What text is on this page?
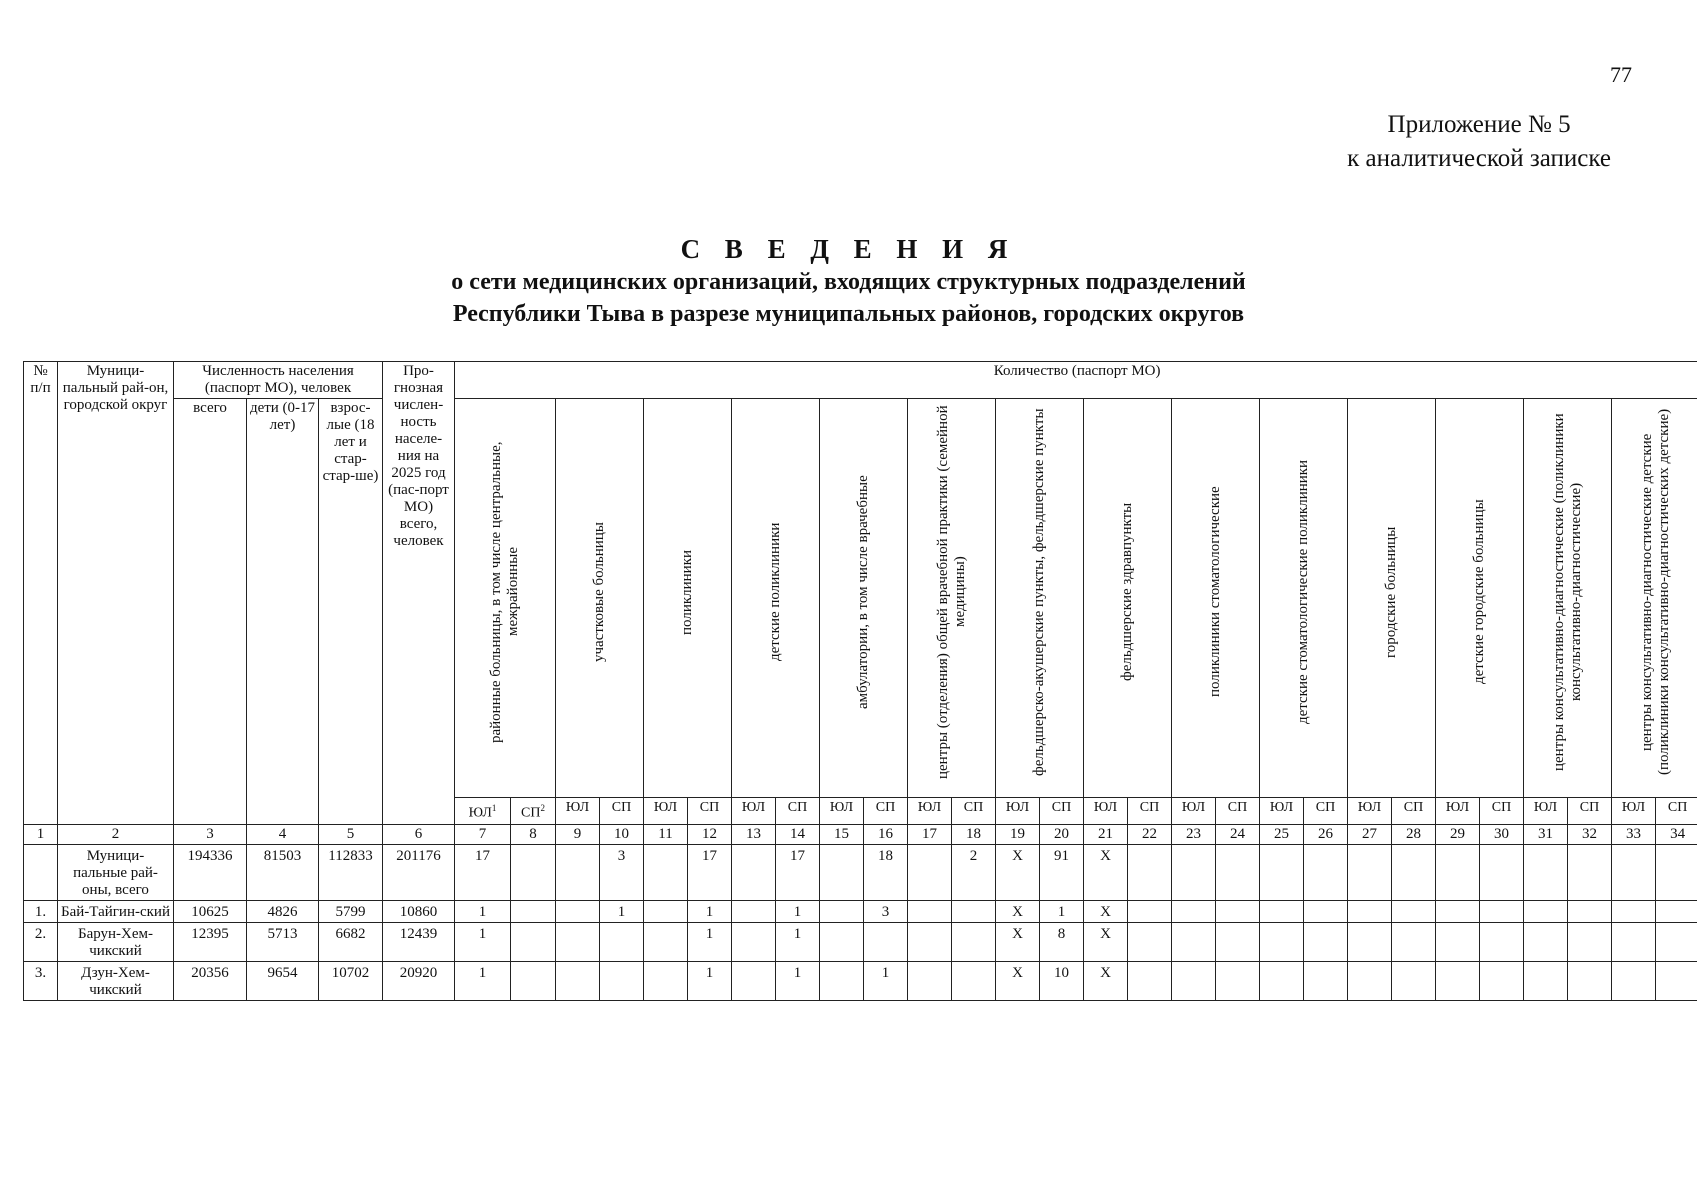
77
Приложение № 5
к аналитической записке
С В Е Д Е Н И Я
о сети медицинских организаций, входящих структурных подразделений
Республики Тыва в разрезе муниципальных районов, городских округов
№ п/п	Муници-пальный рай-он, городской округ	Численность населения (паспорт МО), человек			Про-гнозная числен-ность населе-ния на 2025 год (пас-порт МО) всего, человек	Количество (паспорт МО)																											
		всего	дети (0-17 лет)	взрос-лые (18 лет и стар-стар-ше)		районные больницы, в том числе центральные, межрайонные		участковые больницы		поликлиники		детские поликлиники		амбулатории, в том числе врачебные		центры (отделения) общей врачебной практики (семейной медицины)		фельдшерско-акушерские пункты, фельдшерские пункты		фельдшерские здравпункты		поликлиники стоматологические		детские стоматологические поликлиники		городские больницы		детские городские больницы		центры консультативно-диагностические (поликлиники консультативно-диагностические)		центры консультативно-диагностические детские (поликлиники консультативно-диагностических детские)	

						$ЮЛ^1$	$СП^2$	ЮЛ	СП	ЮЛ	СП	ЮЛ	СП	ЮЛ	СП	ЮЛ	СП	ЮЛ	СП	ЮЛ	СП	ЮЛ	СП	ЮЛ	СП	ЮЛ	СП	ЮЛ	СП	ЮЛ	СП	ЮЛ	СП
1	2	3	4	5	6	7	8	9	10	11	12	13	14	15	16	17	18	19	20	21	22	23	24	25	26	27	28	29	30	31	32	33	34
	Муници-пальные рай-оны, всего	194336	81503	112833	201176	17			3		17		17		18		2	X	91	X													
1.	Бай-Тайгин-ский	10625	4826	5799	10860	1			1		1		1		3			X	1	X													
2.	Барун-Хем-чикский	12395	5713	6682	12439	1					1		1					X	8	X													
3.	Дзун-Хем-чикский	20356	9654	10702	20920	1					1		1		1			X	10	X													
